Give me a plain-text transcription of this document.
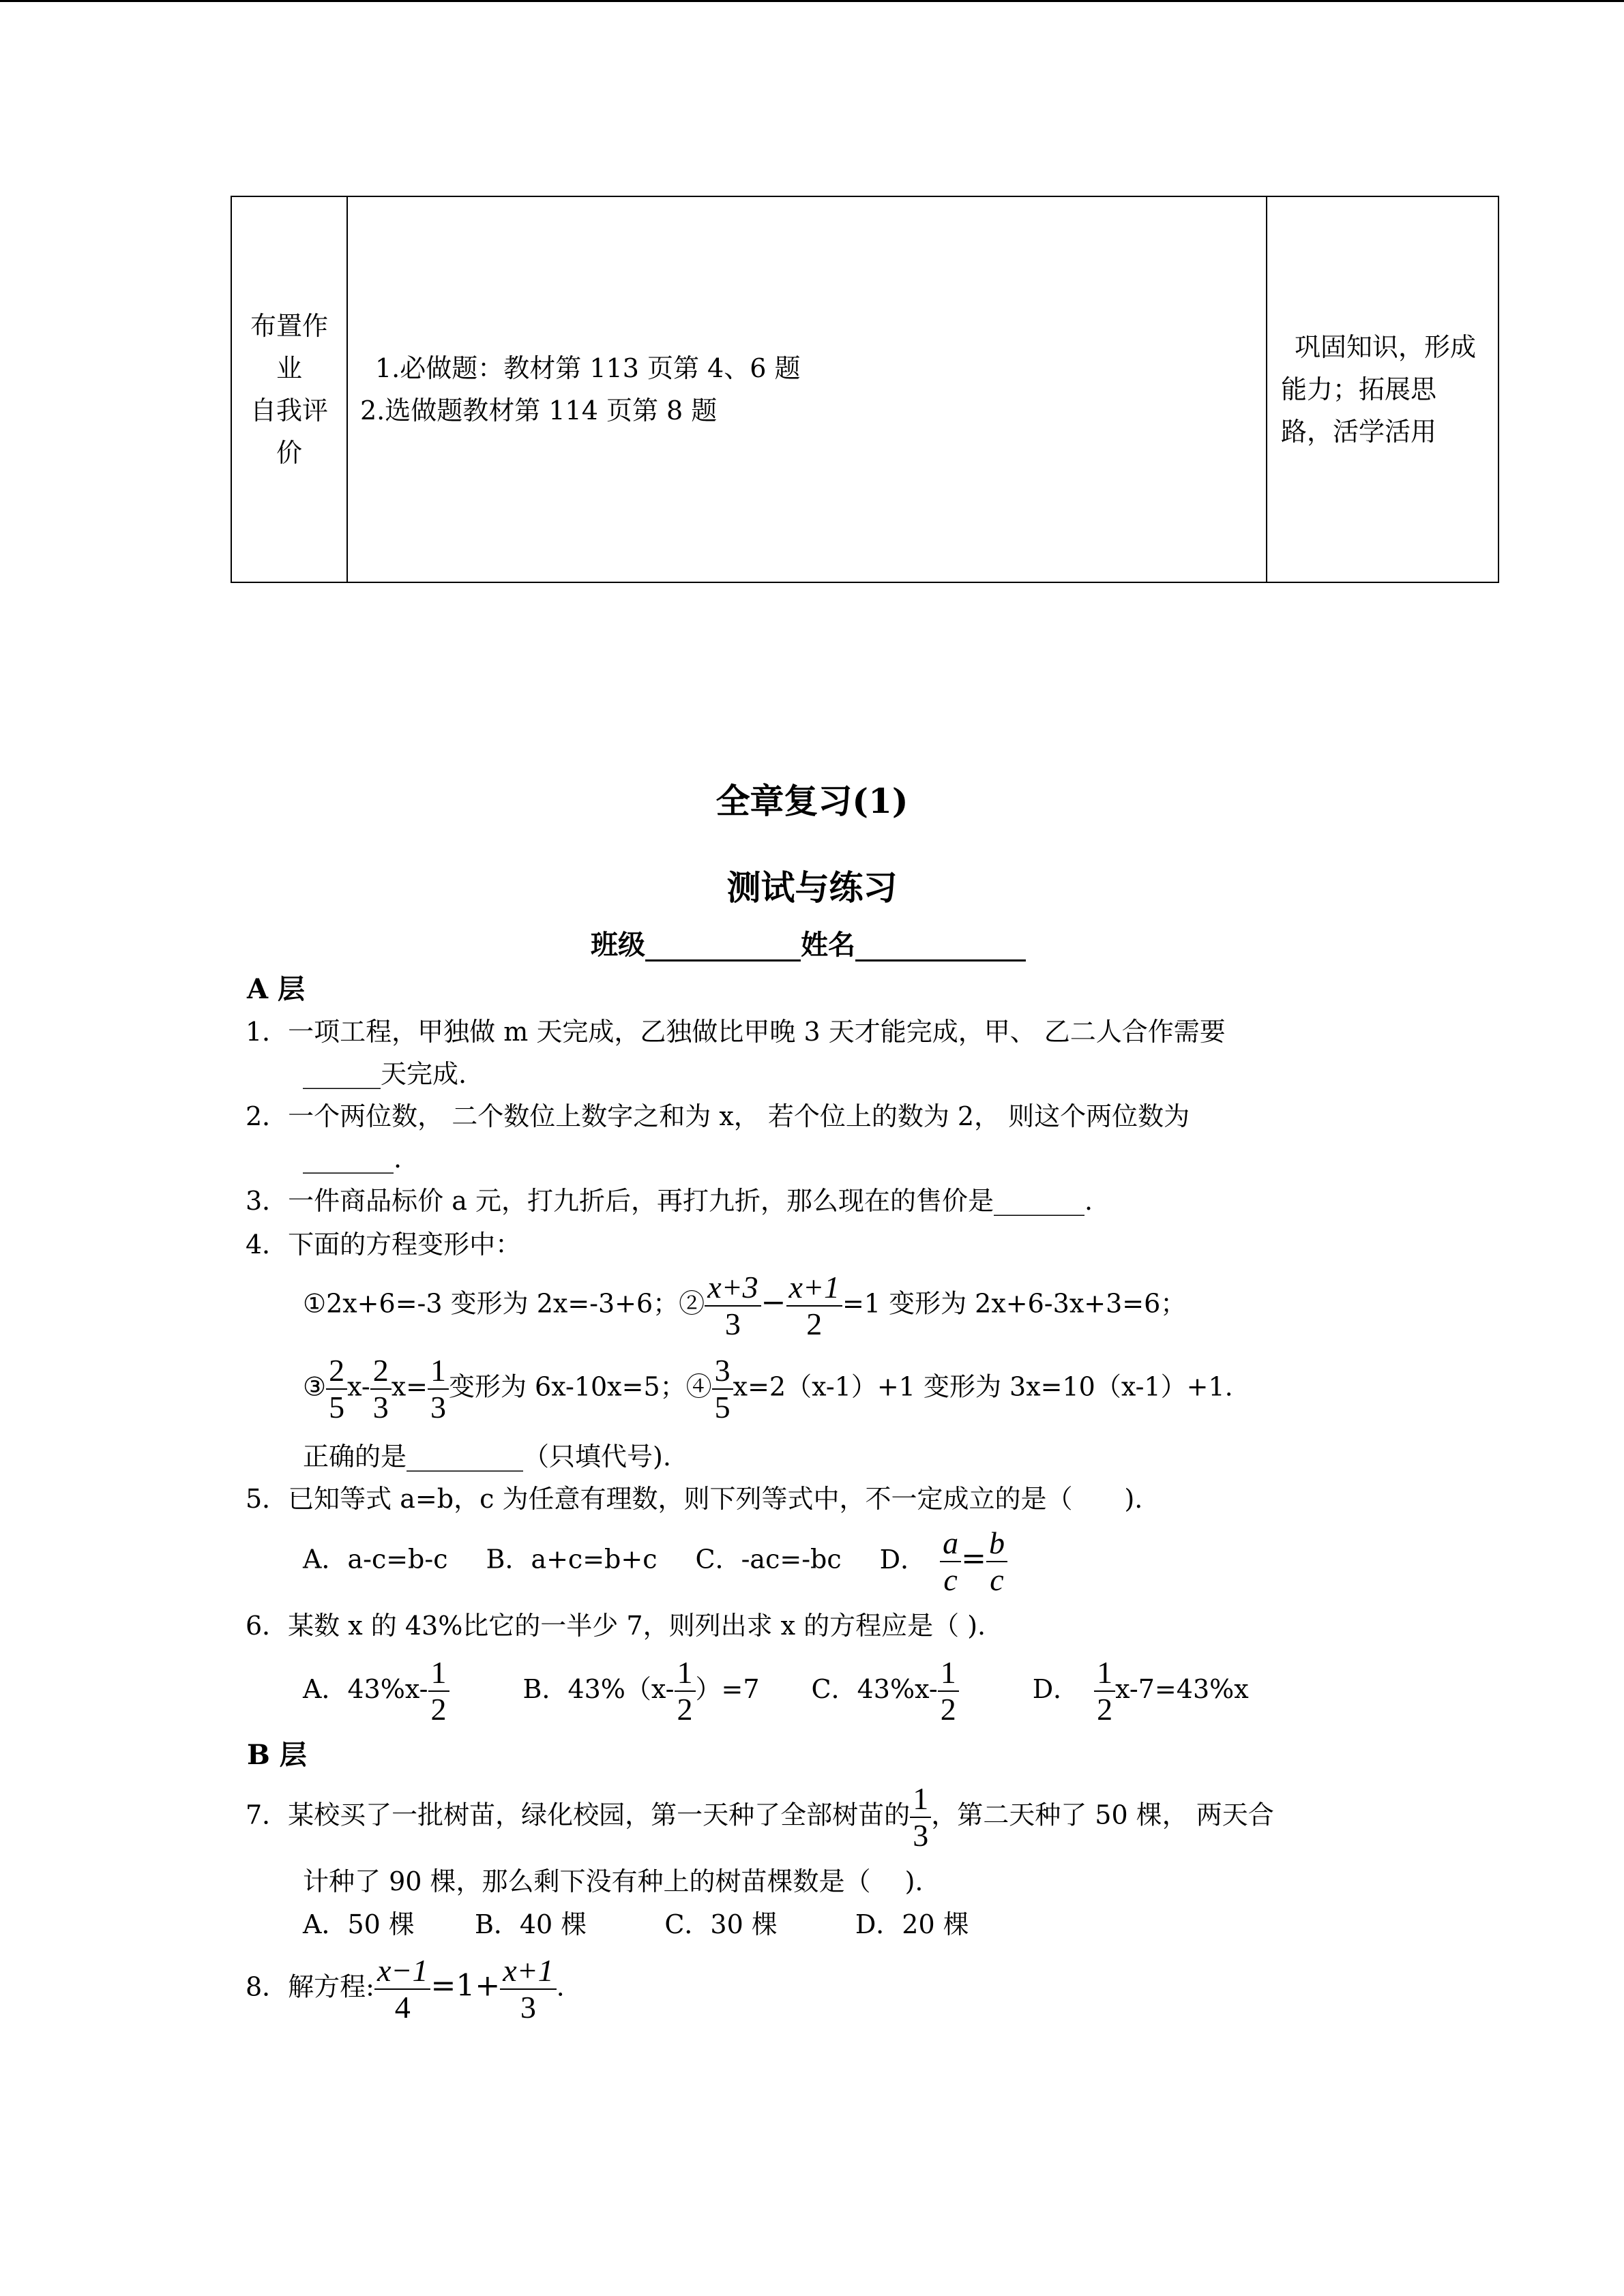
布置作
业
自我评
价

1.必做题：教材第 113 页第 4、6 题
2.选做题教材第 114 页第 8 题

巩固知识，形成
能力；拓展思
路，活学活用
全章复习(1)
测试与练习
班级	姓名
A 层
1．一项工程，甲独做 m 天完成，乙独做比甲晚 3 天才能完成，甲、 乙二人合作需要
______天完成.
2．一个两位数， 二个数位上数字之和为 x， 若个位上的数为 2， 则这个两位数为
_______.
3．一件商品标价 a 元，打九折后，再打九折，那么现在的售价是_______.
4．下面的方程变形中：
①2x+6=-3 变形为 2x=-3+6；② $\frac{x+3}{3} - \frac{x+1}{2} =1$ 变形为 2x+6-3x+3=6；
③ $\frac{2}{5} x- \frac{2}{3} x= \frac{1}{3}$ 变形为 6x-10x=5；④ $\frac{3}{5} x=2(x-1)+1$ 变形为 3x=10（x-1）+1.
正确的是_________（只填代号).
5．已知等式 a=b，c 为任意有理数，则下列等式中，不一定成立的是（　　).
A．a-c=b-c B．a+c=b+c C．-ac=-bc D． $\frac{a}{c} = \frac{b}{c}$
6．某数 x 的 43%比它的一半少 7，则列出求 x 的方程应是（ ).
A．$43\%x- \frac{1}{2}$	B．$43\%(x- \frac{1}{2} )=7$ C．$43\%x- \frac{1}{2}$	D． $\frac{1}{2} x-7=43\%x$
B 层
7．某校买了一批树苗，绿化校园，第一天种了全部树苗的 $\frac{1}{3}$ ，第二天种了 50 棵， 两天合
计种了 90 棵，那么剩下没有种上的树苗棵数是（　 ).
A．50 棵　　 B．40 棵　　　C．30 棵　　　D．20 棵
8．解方程: $\frac{x-1}{4} =1+ \frac{x+1}{3}$ .
